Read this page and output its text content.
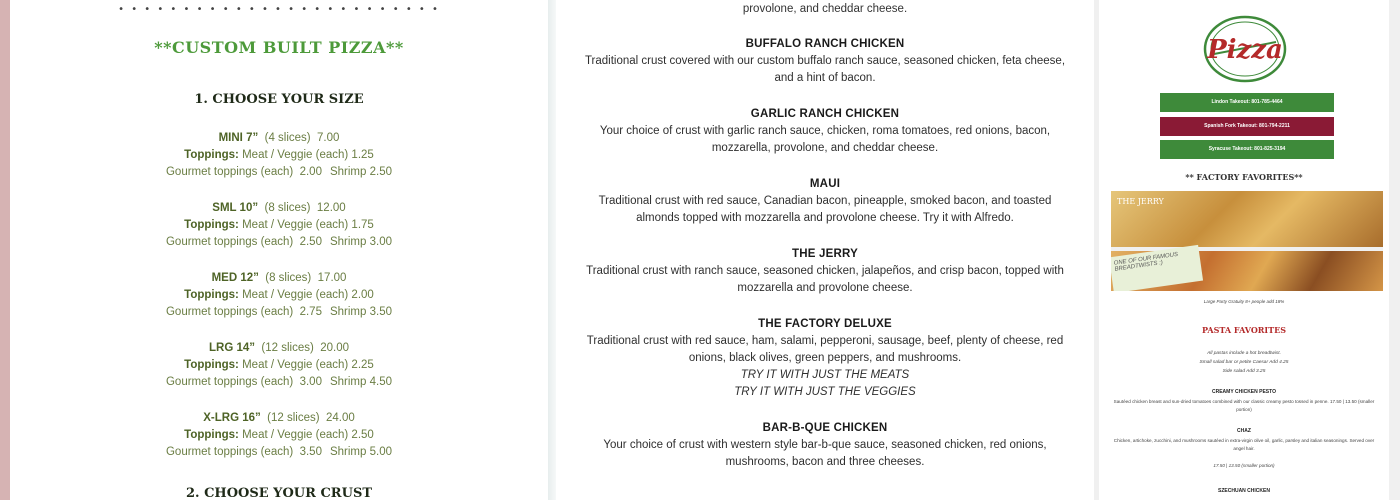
• • • • • • • • • • • • • • • • • • • • • • • • •
**CUSTOM BUILT PIZZA**
1. CHOOSE YOUR SIZE
MINI 7” (4 slices) 7.00
Toppings: Meat / Veggie (each) 1.25
Gourmet toppings (each) 2.00 Shrimp 2.50
SML 10” (8 slices) 12.00
Toppings: Meat / Veggie (each) 1.75
Gourmet toppings (each) 2.50 Shrimp 3.00
MED 12” (8 slices) 17.00
Toppings: Meat / Veggie (each) 2.00
Gourmet toppings (each) 2.75 Shrimp 3.50
LRG 14” (12 slices) 20.00
Toppings: Meat / Veggie (each) 2.25
Gourmet toppings (each) 3.00 Shrimp 4.50
X-LRG 16” (12 slices) 24.00
Toppings: Meat / Veggie (each) 2.50
Gourmet toppings (each) 3.50 Shrimp 5.00
2. CHOOSE YOUR CRUST
provolone, and cheddar cheese.
BUFFALO RANCH CHICKEN
Traditional crust covered with our custom buffalo ranch sauce, seasoned chicken, feta cheese, and a hint of bacon.
GARLIC RANCH CHICKEN
Your choice of crust with garlic ranch sauce, chicken, roma tomatoes, red onions, bacon, mozzarella, provolone, and cheddar cheese.
MAUI
Traditional crust with red sauce, Canadian bacon, pineapple, smoked bacon, and toasted almonds topped with mozzarella and provolone cheese. Try it with Alfredo.
THE JERRY
Traditional crust with ranch sauce, seasoned chicken, jalapeños, and crisp bacon, topped with mozzarella and provolone cheese.
THE FACTORY DELUXE
Traditional crust with red sauce, ham, salami, pepperoni, sausage, beef, plenty of cheese, red onions, black olives, green peppers, and mushrooms.
TRY IT WITH JUST THE MEATS
TRY IT WITH JUST THE VEGGIES
BAR-B-QUE CHICKEN
Your choice of crust with western style bar-b-que sauce, seasoned chicken, red onions, mushrooms, bacon and three cheeses.
Pizza
Lindon Takeout: 801-785-4464
Spanish Fork Takeout: 801-794-2211
Syracuse Takeout: 801-825-3194
** FACTORY FAVORITES**
THE JERRY
ONE OF OUR FAMOUS BREADTWISTS :)
Large Party Gratuity 8+ people add 18%
PASTA FAVORITES
All pastas include a hot breadtwist.
Small salad bar or petite Caesar Add 4.25
Side salad Add 3.25
CREAMY CHICKEN PESTO
Sautéed chicken breast and sun-dried tomatoes combined with our classic creamy pesto tossed in penne. 17.50 | 13.50 (smaller portion)
CHAZ
Chicken, artichoke, zucchini, and mushrooms sautéed in extra-virgin olive oil, garlic, parsley and italian seasonings. Served over angel hair.
17.50 | 13.50 (smaller portion)
SZECHUAN CHICKEN
